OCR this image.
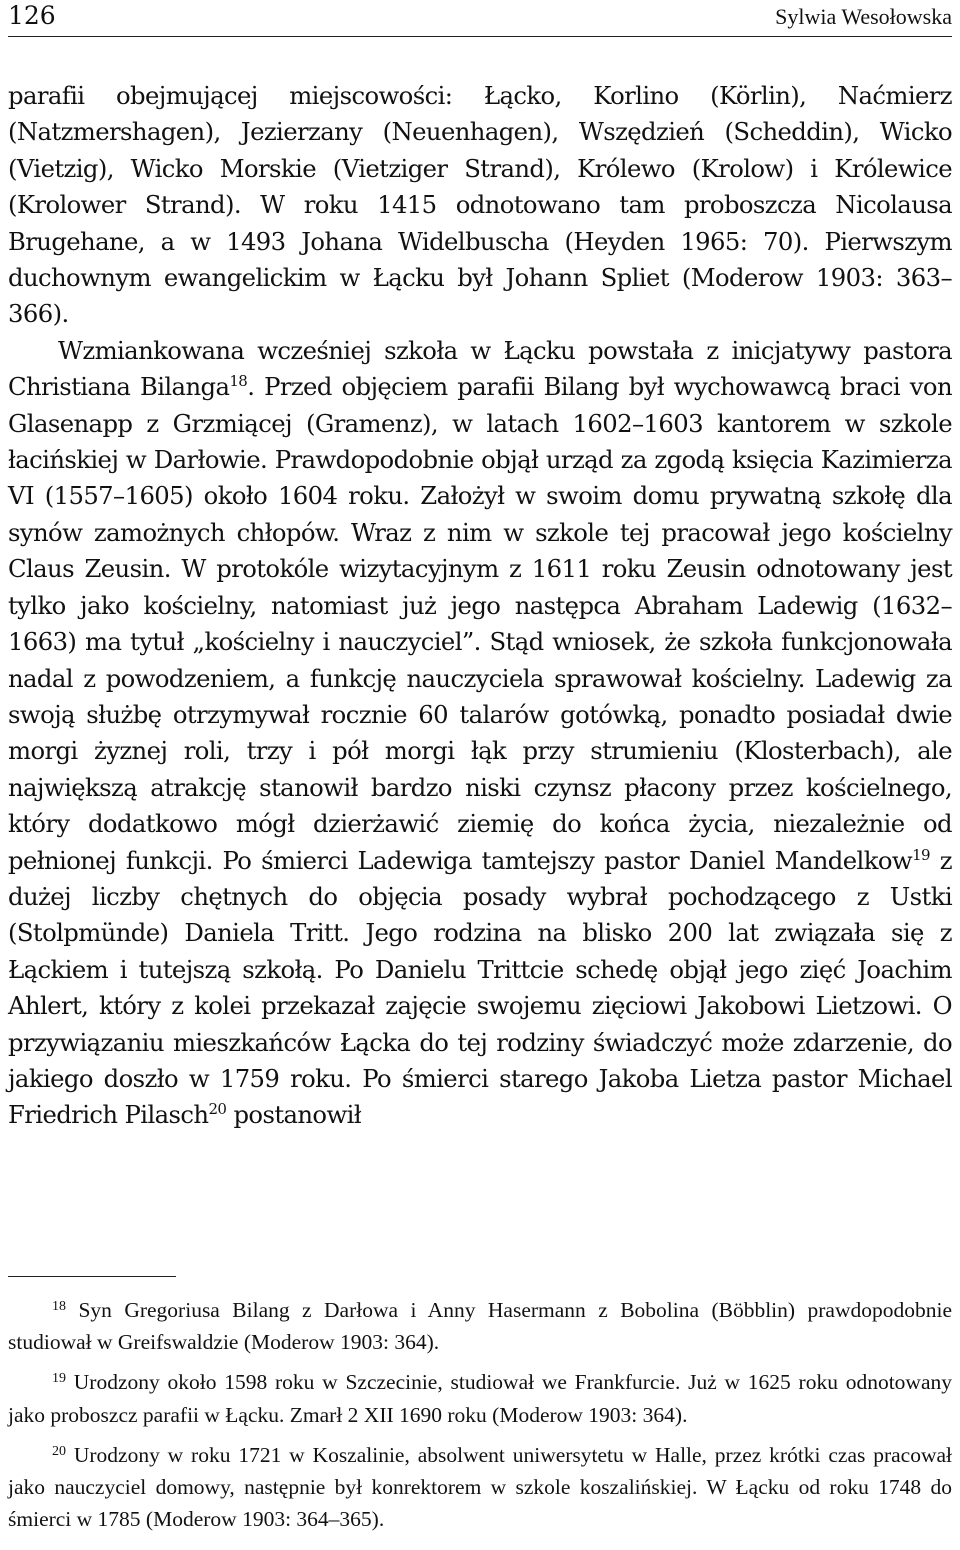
126	Sylwia Wesołowska

parafii obejmującej miejscowości: Łącko, Korlino (Körlin), Naćmierz (Natzmershagen), Jezierzany (Neuenhagen), Wszędzień (Scheddin), Wicko (Vietzig), Wicko Morskie (Vietziger Strand), Królewo (Krolow) i Królewice (Krolower Strand). W roku 1415 odnotowano tam proboszcza Nicolausa Brugehane, a w 1493 Johana Widelbuscha (Heyden 1965: 70). Pierwszym duchownym ewangelickim w Łącku był Johann Spliet (Moderow 1903: 363–366).

Wzmiankowana wcześniej szkoła w Łącku powstała z inicjatywy pastora Christiana Bilanga$^{18}$. Przed objęciem parafii Bilang był wychowawcą braci von Glasenapp z Grzmiącej (Gramenz), w latach 1602–1603 kantorem w szkole łacińskiej w Darłowie. Prawdopodobnie objął urząd za zgodą księcia Kazimierza VI (1557–1605) około 1604 roku. Założył w swoim domu prywatną szkołę dla synów zamożnych chłopów. Wraz z nim w szkole tej pracował jego kościelny Claus Zeusin. W protokóle wizytacyjnym z 1611 roku Zeusin odnotowany jest tylko jako kościelny, natomiast już jego następca Abraham Ladewig (1632–1663) ma tytuł „kościelny i nauczyciel”. Stąd wniosek, że szkoła funkcjonowała nadal z powodzeniem, a funkcję nauczyciela sprawował kościelny. Ladewig za swoją służbę otrzymywał rocznie 60 talarów gotówką, ponadto posiadał dwie morgi żyznej roli, trzy i pół morgi łąk przy strumieniu (Klosterbach), ale największą atrakcję stanowił bardzo niski czynsz płacony przez kościelnego, który dodatkowo mógł dzierżawić ziemię do końca życia, niezależnie od pełnionej funkcji. Po śmierci Ladewiga tamtejszy pastor Daniel Mandelkow$^{19}$ z dużej liczby chętnych do objęcia posady wybrał pochodzącego z Ustki (Stolpmünde) Daniela Tritt. Jego rodzina na blisko 200 lat związała się z Łąckiem i tutejszą szkołą. Po Danielu Trittcie schedę objął jego zięć Joachim Ahlert, który z kolei przekazał zajęcie swojemu zięciowi Jakobowi Lietzowi. O przywiązaniu mieszkańców Łącka do tej rodziny świadczyć może zdarzenie, do jakiego doszło w 1759 roku. Po śmierci starego Jakoba Lietza pastor Michael Friedrich Pilasch$^{20}$ postanowił

$^{18}$ Syn Gregoriusa Bilang z Darłowa i Anny Hasermann z Bobolina (Böbblin) prawdopodobnie studiował w Greifswaldzie (Moderow 1903: 364).

$^{19}$ Urodzony około 1598 roku w Szczecinie, studiował we Frankfurcie. Już w 1625 roku odnotowany jako proboszcz parafii w Łącku. Zmarł 2 XII 1690 roku (Moderow 1903: 364).

$^{20}$ Urodzony w roku 1721 w Koszalinie, absolwent uniwersytetu w Halle, przez krótki czas pracował jako nauczyciel domowy, następnie był konrektorem w szkole koszalińskiej. W Łącku od roku 1748 do śmierci w 1785 (Moderow 1903: 364–365).
